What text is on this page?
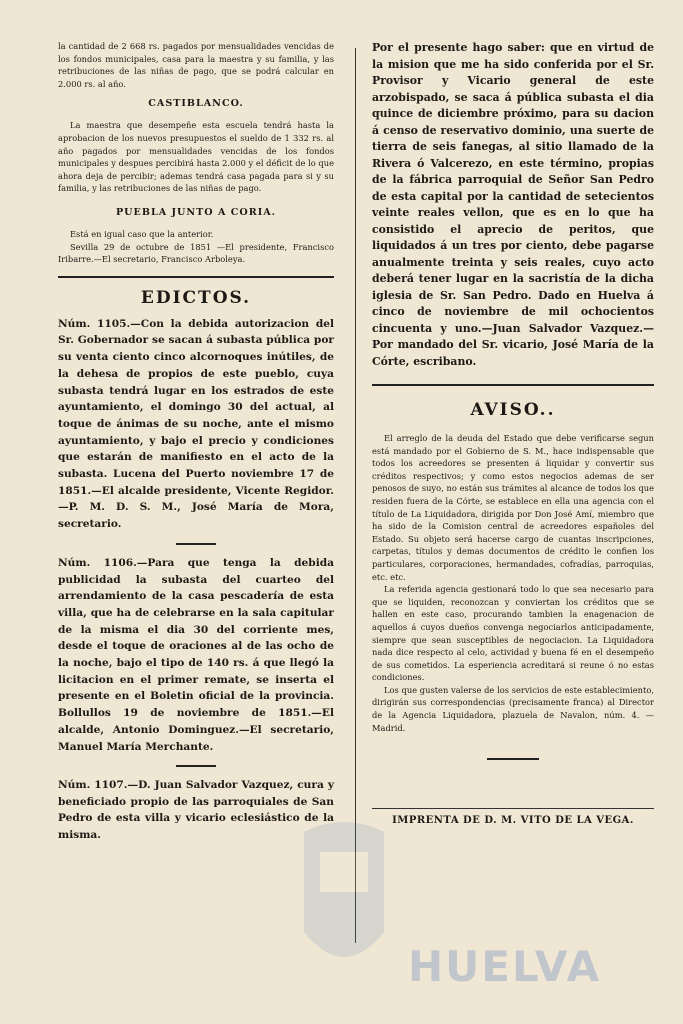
la cantidad de 2 668 rs. pagados por mensualidades vencidas de los fondos municipales, casa para la maestra y su familia, y las retribuciones de las niñas de pago, que se podrá calcular en 2.000 rs. al año.

CASTIBLANCO.

La maestra que desempeñe esta escuela tendrá hasta la aprobacion de los nuevos presupuestos el sueldo de 1 332 rs. al año pagados por mensualidades vencidas de los fondos municipales y despues percibirá hasta 2.000 y el déficit de lo que ahora deja de percibir; ademas tendrá casa pagada para si y su familia, y las retribuciones de las niñas de pago.

PUEBLA JUNTO A CORIA.

Está en igual caso que la anterior.

Sevilla 29 de octubre de 1851 —El presidente, Francisco Iribarre.—El secretario, Francisco Arboleya.

EDICTOS.

Núm. 1105.—Con la debida autorizacion del Sr. Gobernador se sacan á subasta pública por su venta ciento cinco alcornoques inútiles, de la dehesa de propios de este pueblo, cuya subasta tendrá lugar en los estrados de este ayuntamiento, el domingo 30 del actual, al toque de ánimas de su noche, ante el mismo ayuntamiento, y bajo el precio y condiciones que estarán de manifiesto en el acto de la subasta. Lucena del Puerto noviembre 17 de 1851.—El alcalde presidente, Vicente Regidor.—P. M. D. S. M., José María de Mora, secretario.

Núm. 1106.—Para que tenga la debida publicidad la subasta del cuarteo del arrendamiento de la casa pescadería de esta villa, que ha de celebrarse en la sala capitular de la misma el dia 30 del corriente mes, desde el toque de oraciones al de las ocho de la noche, bajo el tipo de 140 rs. á que llegó la licitacion en el primer remate, se inserta el presente en el Boletin oficial de la provincia. Bollullos 19 de noviembre de 1851.—El alcalde, Antonio Dominguez.—El secretario, Manuel María Merchante.

Núm. 1107.—D. Juan Salvador Vazquez, cura y beneficiado propio de las parroquiales de San Pedro de esta villa y vicario eclesiástico de la misma.

Por el presente hago saber: que en virtud de la mision que me ha sido conferida por el Sr. Provisor y Vicario general de este arzobispado, se saca á pública subasta el dia quince de diciembre próximo, para su dacion á censo de reservativo dominio, una suerte de tierra de seis fanegas, al sitio llamado de la Rivera ó Valcerezo, en este término, propias de la fábrica parroquial de Señor San Pedro de esta capital por la cantidad de setecientos veinte reales vellon, que es en lo que ha consistido el aprecio de peritos, que liquidados á un tres por ciento, debe pagarse anualmente treinta y seis reales, cuyo acto deberá tener lugar en la sacristía de la dicha iglesia de Sr. San Pedro. Dado en Huelva á cinco de noviembre de mil ochocientos cincuenta y uno.—Juan Salvador Vazquez.—Por mandado del Sr. vicario, José María de la Córte, escribano.

AVISO..

El arreglo de la deuda del Estado que debe verificarse segun está mandado por el Gobierno de S. M., hace indispensable que todos los acreedores se presenten á liquidar y convertir sus créditos respectivos; y como estos negocios ademas de ser penosos de suyo, no están sus trámites al alcance de todos los que residen fuera de la Córte, se establece en ella una agencia con el título de La Liquidadora, dirigida por Don José Amí, miembro que ha sido de la Comision central de acreedores españoles del Estado. Su objeto será hacerse cargo de cuantas inscripciones, carpetas, títulos y demas documentos de crédito le confien los particulares, corporaciones, hermandades, cofradías, parroquias, etc. etc.

La referida agencia gestionará todo lo que sea necesario para que se liquiden, reconozcan y conviertan los créditos que se hallen en este caso, procurando tambien la enagenacion de aquellos á cuyos dueños convenga negociarlos anticipadamente, siempre que sean susceptibles de negociacion. La Liquidadora nada dice respecto al celo, actividad y buena fé en el desempeño de sus cometidos. La esperiencia acreditará si reune ó no estas condiciones.

Los que gusten valerse de los servicios de este establecimiento, dirigirán sus correspondencias (precisamente franca) al Director de la Agencia Liquidadora, plazuela de Navalon, núm. 4. —Madrid.

IMPRENTA DE D. M. VITO DE LA VEGA.
HUELVA
